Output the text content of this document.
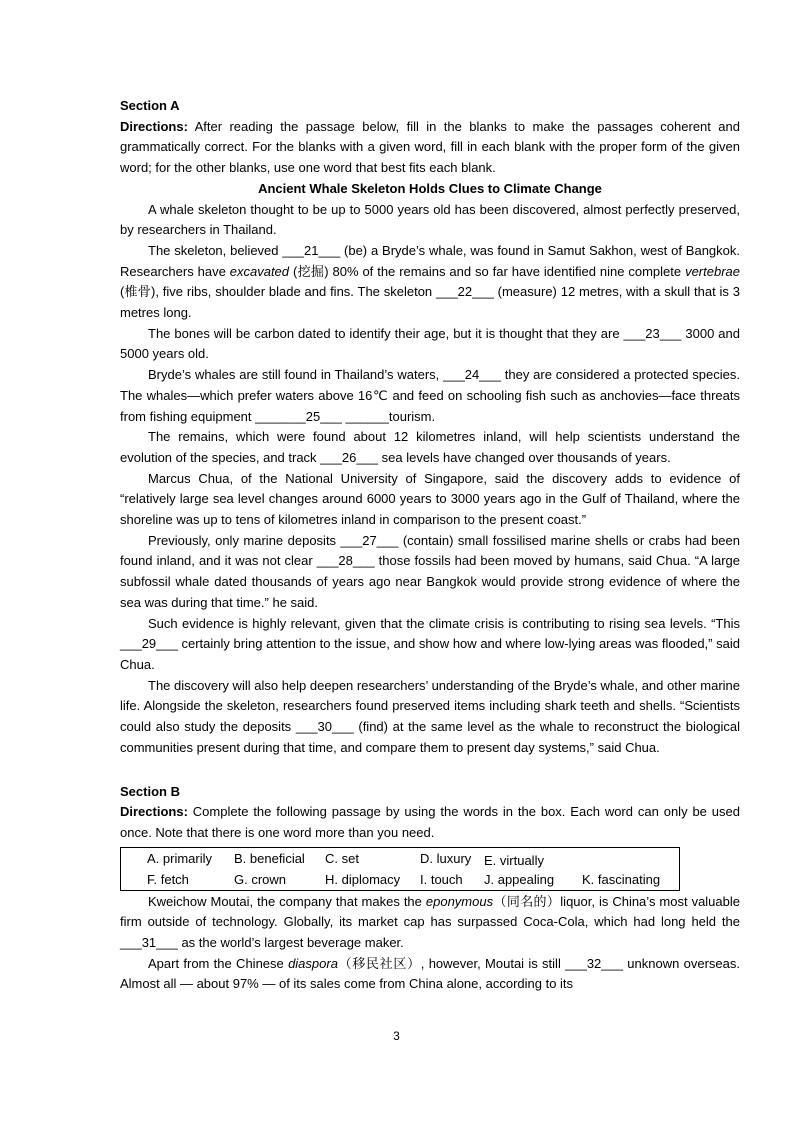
Section A

Directions: After reading the passage below, fill in the blanks to make the passages coherent and grammatically correct. For the blanks with a given word, fill in each blank with the proper form of the given word; for the other blanks, use one word that best fits each blank.

Ancient Whale Skeleton Holds Clues to Climate Change

A whale skeleton thought to be up to 5000 years old has been discovered, almost perfectly preserved, by researchers in Thailand.

The skeleton, believed ___21___ (be) a Bryde’s whale, was found in Samut Sakhon, west of Bangkok. Researchers have excavated (挖掘) 80% of the remains and so far have identified nine complete vertebrae (椎骨), five ribs, shoulder blade and fins. The skeleton ___22___ (measure) 12 metres, with a skull that is 3 metres long.

The bones will be carbon dated to identify their age, but it is thought that they are ___23___ 3000 and 5000 years old.

Bryde’s whales are still found in Thailand’s waters, ___24___ they are considered a protected species. The whales—which prefer waters above 16℃ and feed on schooling fish such as anchovies—face threats from fishing equipment _______25___ ______tourism.

The remains, which were found about 12 kilometres inland, will help scientists understand the evolution of the species, and track ___26___ sea levels have changed over thousands of years.

Marcus Chua, of the National University of Singapore, said the discovery adds to evidence of “relatively large sea level changes around 6000 years to 3000 years ago in the Gulf of Thailand, where the shoreline was up to tens of kilometres inland in comparison to the present coast.”

Previously, only marine deposits ___27___ (contain) small fossilised marine shells or crabs had been found inland, and it was not clear ___28___ those fossils had been moved by humans, said Chua. “A large subfossil whale dated thousands of years ago near Bangkok would provide strong evidence of where the sea was during that time.” he said.

Such evidence is highly relevant, given that the climate crisis is contributing to rising sea levels. “This ___29___ certainly bring attention to the issue, and show how and where low-lying areas was flooded,” said Chua.

The discovery will also help deepen researchers’ understanding of the Bryde’s whale, and other marine life. Alongside the skeleton, researchers found preserved items including shark teeth and shells. “Scientists could also study the deposits ___30___ (find) at the same level as the whale to reconstruct the biological communities present during that time, and compare them to present day systems,” said Chua.

Section B

Directions: Complete the following passage by using the words in the box. Each word can only be used once. Note that there is one word more than you need.

A. primarily	B. beneficial	C. set	D. luxury E. virtually
F. fetch	G. crown	H. diplomacy	I. touch	J. appealing	K. fascinating

Kweichow Moutai, the company that makes the eponymous（同名的）liquor, is China’s most valuable firm outside of technology. Globally, its market cap has surpassed Coca-Cola, which had long held the ___31___ as the world’s largest beverage maker.

Apart from the Chinese diaspora（移民社区）, however, Moutai is still ___32___ unknown overseas. Almost all — about 97% — of its sales come from China alone, according to its

3
